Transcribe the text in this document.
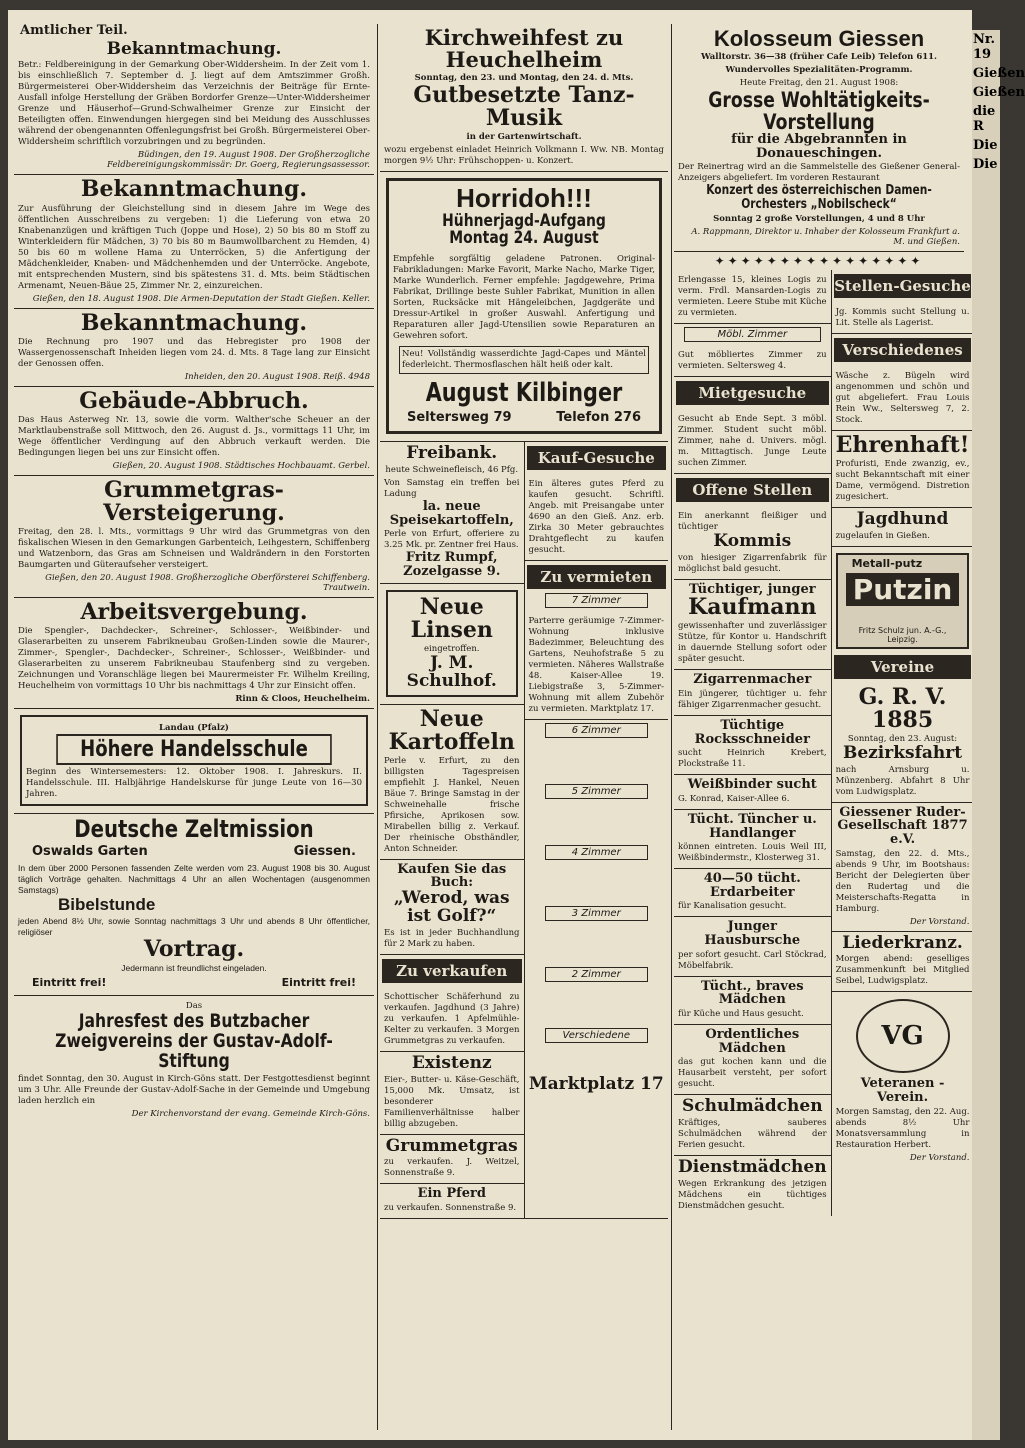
Amtlicher Teil.
Bekanntmachung.
Betr.: Feldbereinigung in der Gemarkung Ober-Widdersheim. In der Zeit vom 1. bis einschließlich 7. September d. J. liegt auf dem Amtszimmer Großh. Bürgermeisterei Ober-Widdersheim das Verzeichnis der Beiträge für Ernte-Ausfall infolge Herstellung der Gräben Bordorfer Grenze—Unter-Widdersheimer Grenze und Häuserhof—Grund-Schwalheimer Grenze zur Einsicht der Beteiligten offen. Einwendungen hiergegen sind bei Meidung des Ausschlusses während der obengenannten Offenlegungsfrist bei Großh. Bürgermeisterei Ober-Widdersheim schriftlich vorzubringen und zu begründen.
Büdingen, den 19. August 1908. Der Großherzogliche Feldbereinigungskommissär: Dr. Goerg, Regierungsassessor.
Bekanntmachung.
Zur Ausführung der Gleichstellung sind in diesem Jahre im Wege des öffentlichen Ausschreibens zu vergeben: 1) die Lieferung von etwa 20 Knabenanzügen und kräftigen Tuch (Joppe und Hose), 2) 50 bis 80 m Stoff zu Winterkleidern für Mädchen, 3) 70 bis 80 m Baumwollbarchent zu Hemden, 4) 50 bis 60 m wollene Hama zu Unterröcken, 5) die Anfertigung der Mädchenkleider, Knaben- und Mädchenhemden und der Unterröcke. Angebote, mit entsprechenden Mustern, sind bis spätestens 31. d. Mts. beim Städtischen Armenamt, Neuen-Bäue 25, Zimmer Nr. 2, einzureichen.
Gießen, den 18. August 1908. Die Armen-Deputation der Stadt Gießen. Keller.
Bekanntmachung.
Die Rechnung pro 1907 und das Hebregister pro 1908 der Wassergenossenschaft Inheiden liegen vom 24. d. Mts. 8 Tage lang zur Einsicht der Genossen offen.
Inheiden, den 20. August 1908. Reiß. 4948
Gebäude-Abbruch.
Das Haus Asterweg Nr. 13, sowie die vorm. Walther'sche Scheuer an der Marktlaubenstraße soll Mittwoch, den 26. August d. Js., vormittags 11 Uhr, im Wege öffentlicher Verdingung auf den Abbruch verkauft werden. Die Bedingungen liegen bei uns zur Einsicht offen.
Gießen, 20. August 1908. Städtisches Hochbauamt. Gerbel.
Grummetgras-Versteigerung.
Freitag, den 28. l. Mts., vormittags 9 Uhr wird das Grummetgras von den fiskalischen Wiesen in den Gemarkungen Garbenteich, Leihgestern, Schiffenberg und Watzenborn, das Gras am Schneisen und Waldrändern in den Forstorten Baumgarten und Güteraufseher versteigert.
Gießen, den 20. August 1908. Großherzogliche Oberförsterei Schiffenberg. Trautwein.
Arbeitsvergebung.
Die Spengler-, Dachdecker-, Schreiner-, Schlosser-, Weißbinder- und Glaserarbeiten zu unserem Fabrikneubau Großen-Linden sowie die Maurer-, Zimmer-, Spengler-, Dachdecker-, Schreiner-, Schlosser-, Weißbinder- und Glaserarbeiten zu unserem Fabrikneubau Staufenberg sind zu vergeben. Zeichnungen und Voranschläge liegen bei Maurermeister Fr. Wilhelm Kreiling, Heuchelheim von vormittags 10 Uhr bis nachmittags 4 Uhr zur Einsicht offen.
Rinn & Cloos, Heuchelheim.
Landau (Pfalz)
Höhere Handelsschule
Beginn des Wintersemesters: 12. Oktober 1908. I. Jahreskurs. II. Handelsschule. III. Halbjährige Handelskurse für junge Leute von 16—30 Jahren.
Deutsche Zeltmission
Oswalds Garten	Giessen.
In dem über 2000 Personen fassenden Zelte werden vom 23. August 1908 bis 30. August täglich Vorträge gehalten. Nachmittags 4 Uhr an allen Wochentagen (ausgenommen Samstags)
Bibelstunde
jeden Abend 8½ Uhr, sowie Sonntag nachmittags 3 Uhr und abends 8 Uhr öffentlicher, religiöser
Vortrag.
Jedermann ist freundlichst eingeladen.
Eintritt frei!	Eintritt frei!
Das
Jahresfest des Butzbacher Zweigvereins der Gustav-Adolf-Stiftung
findet Sonntag, den 30. August in Kirch-Göns statt. Der Festgottesdienst beginnt um 3 Uhr. Alle Freunde der Gustav-Adolf-Sache in der Gemeinde und Umgebung laden herzlich ein
Der Kirchenvorstand der evang. Gemeinde Kirch-Göns.
Kirchweihfest zu Heuchelheim
Sonntag, den 23. und Montag, den 24. d. Mts.
Gutbesetzte Tanz-Musik
in der Gartenwirtschaft.
wozu ergebenst einladet Heinrich Volkmann I. Ww. NB. Montag morgen 9½ Uhr: Frühschoppen- u. Konzert.
Horridoh!!!
Hühnerjagd-Aufgang Montag 24. August
Empfehle sorgfältig geladene Patronen. Original-Fabrikladungen: Marke Favorit, Marke Nacho, Marke Tiger, Marke Wunderlich. Ferner empfehle: Jagdgewehre, Prima Fabrikat, Drillinge beste Suhler Fabrikat, Munition in allen Sorten, Rucksäcke mit Hängeleibchen, Jagdgeräte und Dressur-Artikel in großer Auswahl. Anfertigung und Reparaturen aller Jagd-Utensilien sowie Reparaturen an Gewehren sofort.
Neu! Vollständig wasserdichte Jagd-Capes und Mäntel federleicht. Thermosflaschen hält heiß oder kalt.
August Kilbinger
Seltersweg 79	Telefon 276
Freibank.
heute Schweinefleisch, 46 Pfg.
Von Samstag ein treffen bei Ladung
la. neue Speisekartoffeln,
Perle von Erfurt, offeriere zu 3.25 Mk. pr. Zentner frei Haus.
Fritz Rumpf, Zozelgasse 9.
Neue Linsen
eingetroffen.
J. M. Schulhof.
Neue Kartoffeln
Perle v. Erfurt, zu den billigsten Tagespreisen empfiehlt J. Hankel, Neuen Bäue 7. Bringe Samstag in der Schweinehalle frische Pfirsiche, Aprikosen sow. Mirabellen billig z. Verkauf. Der rheinische Obsthändler, Anton Schneider.
Kaufen Sie das Buch:
„Werod, was ist Golf?“
Es ist in jeder Buchhandlung für 2 Mark zu haben.
Zu verkaufen
Schottischer Schäferhund zu verkaufen. Jagdhund (3 Jahre) zu verkaufen. 1 Apfelmühle-Kelter zu verkaufen. 3 Morgen Grummetgras zu verkaufen.
Existenz
Eier-, Butter- u. Käse-Geschäft, 15,000 Mk. Umsatz, ist besonderer Familienverhältnisse halber billig abzugeben.
Grummetgras
zu verkaufen. J. Weitzel, Sonnenstraße 9.
Ein Pferd
zu verkaufen. Sonnenstraße 9.
Kauf-Gesuche
Ein älteres gutes Pferd zu kaufen gesucht. Schriftl. Angeb. mit Preisangabe unter 4690 an den Gieß. Anz. erb. Zirka 30 Meter gebrauchtes Drahtgeflecht zu kaufen gesucht.
Zu vermieten
7 Zimmer
Parterre geräumige 7-Zimmer-Wohnung inklusive Badezimmer, Beleuchtung des Gartens, Neuhofstraße 5 zu vermieten. Näheres Wallstraße 48. Kaiser-Allee 19. Liebigstraße 3, 5-Zimmer-Wohnung mit allem Zubehör zu vermieten. Marktplatz 17.
6 Zimmer
5 Zimmer
4 Zimmer
3 Zimmer
2 Zimmer
Verschiedene
Marktplatz 17
Kolosseum Giessen
Walltorstr. 36—38 (früher Cafe Leib) Telefon 611.
Wundervolles Spezialitäten-Programm.
Heute Freitag, den 21. August 1908:
Grosse Wohltätigkeits-Vorstellung
für die Abgebrannten in Donaueschingen.
Der Reinertrag wird an die Sammelstelle des Gießener General-Anzeigers abgeliefert. Im vorderen Restaurant
Konzert des österreichischen Damen-Orchesters „Nobilscheck“
Sonntag 2 große Vorstellungen, 4 und 8 Uhr
A. Rappmann, Direktor u. Inhaber der Kolosseum Frankfurt a. M. und Gießen.
✦✦✦✦✦✦✦✦✦✦✦✦✦✦✦✦
Erlengasse 15, kleines Logis zu verm. Frdl. Mansarden-Logis zu vermieten. Leere Stube mit Küche zu vermieten.
Möbl. Zimmer
Gut möbliertes Zimmer zu vermieten. Seltersweg 4.
Mietgesuche
Gesucht ab Ende Sept. 3 möbl. Zimmer. Student sucht möbl. Zimmer, nahe d. Univers. mögl. m. Mittagtisch. Junge Leute suchen Zimmer.
Offene Stellen
Ein anerkannt fleißiger und tüchtiger
Kommis
von hiesiger Zigarrenfabrik für möglichst bald gesucht.
Tüchtiger, junger
Kaufmann
gewissenhafter und zuverlässiger Stütze, für Kontor u. Handschrift in dauernde Stellung sofort oder später gesucht.
Zigarrenmacher
Ein jüngerer, tüchtiger u. fehr fähiger Zigarrenmacher gesucht.
Tüchtige Rocksschneider
sucht Heinrich Krebert, Plockstraße 11.
Weißbinder sucht
G. Konrad, Kaiser-Allee 6.
Tücht. Tüncher u. Handlanger
können eintreten. Louis Weil III, Weißbindermstr., Klosterweg 31.
40—50 tücht. Erdarbeiter
für Kanalisation gesucht.
Junger Hausbursche
per sofort gesucht. Carl Stöckrad, Möbelfabrik.
Tücht., braves Mädchen
für Küche und Haus gesucht.
Ordentliches Mädchen
das gut kochen kann und die Hausarbeit versteht, per sofort gesucht.
Schulmädchen
Kräftiges, sauberes Schulmädchen während der Ferien gesucht.
Dienstmädchen
Wegen Erkrankung des jetzigen Mädchens ein tüchtiges Dienstmädchen gesucht.
Stellen-Gesuche
Jg. Kommis sucht Stellung u. Lit. Stelle als Lagerist.
Verschiedenes
Wäsche z. Bügeln wird angenommen und schön und gut abgeliefert. Frau Louis Rein Ww., Seltersweg 7, 2. Stock.
Ehrenhaft!
Profuristi, Ende zwanzig, ev., sucht Bekanntschaft mit einer Dame, vermögend. Distretion zugesichert.
Jagdhund
zugelaufen in Gießen.
Metall-putz
Putzin
Fritz Schulz jun. A.-G., Leipzig.
Vereine
G. R. V. 1885
Sonntag, den 23. August:
Bezirksfahrt
nach Arnsburg u. Münzenberg. Abfahrt 8 Uhr vom Ludwigsplatz.
Giessener Ruder-Gesellschaft 1877 e.V.
Samstag, den 22. d. Mts., abends 9 Uhr, im Bootshaus: Bericht der Delegierten über den Rudertag und die Meisterschafts-Regatta in Hamburg.
Der Vorstand.
Liederkranz.
Morgen abend: geselliges Zusammenkunft bei Mitglied Seibel, Ludwigsplatz.
VG
Veteranen - Verein.
Morgen Samstag, den 22. Aug. abends 8½ Uhr Monatsversammlung in Restauration Herbert.
Der Vorstand.
Nr. 19
Gießen
Gießen
die R
Die
Die
